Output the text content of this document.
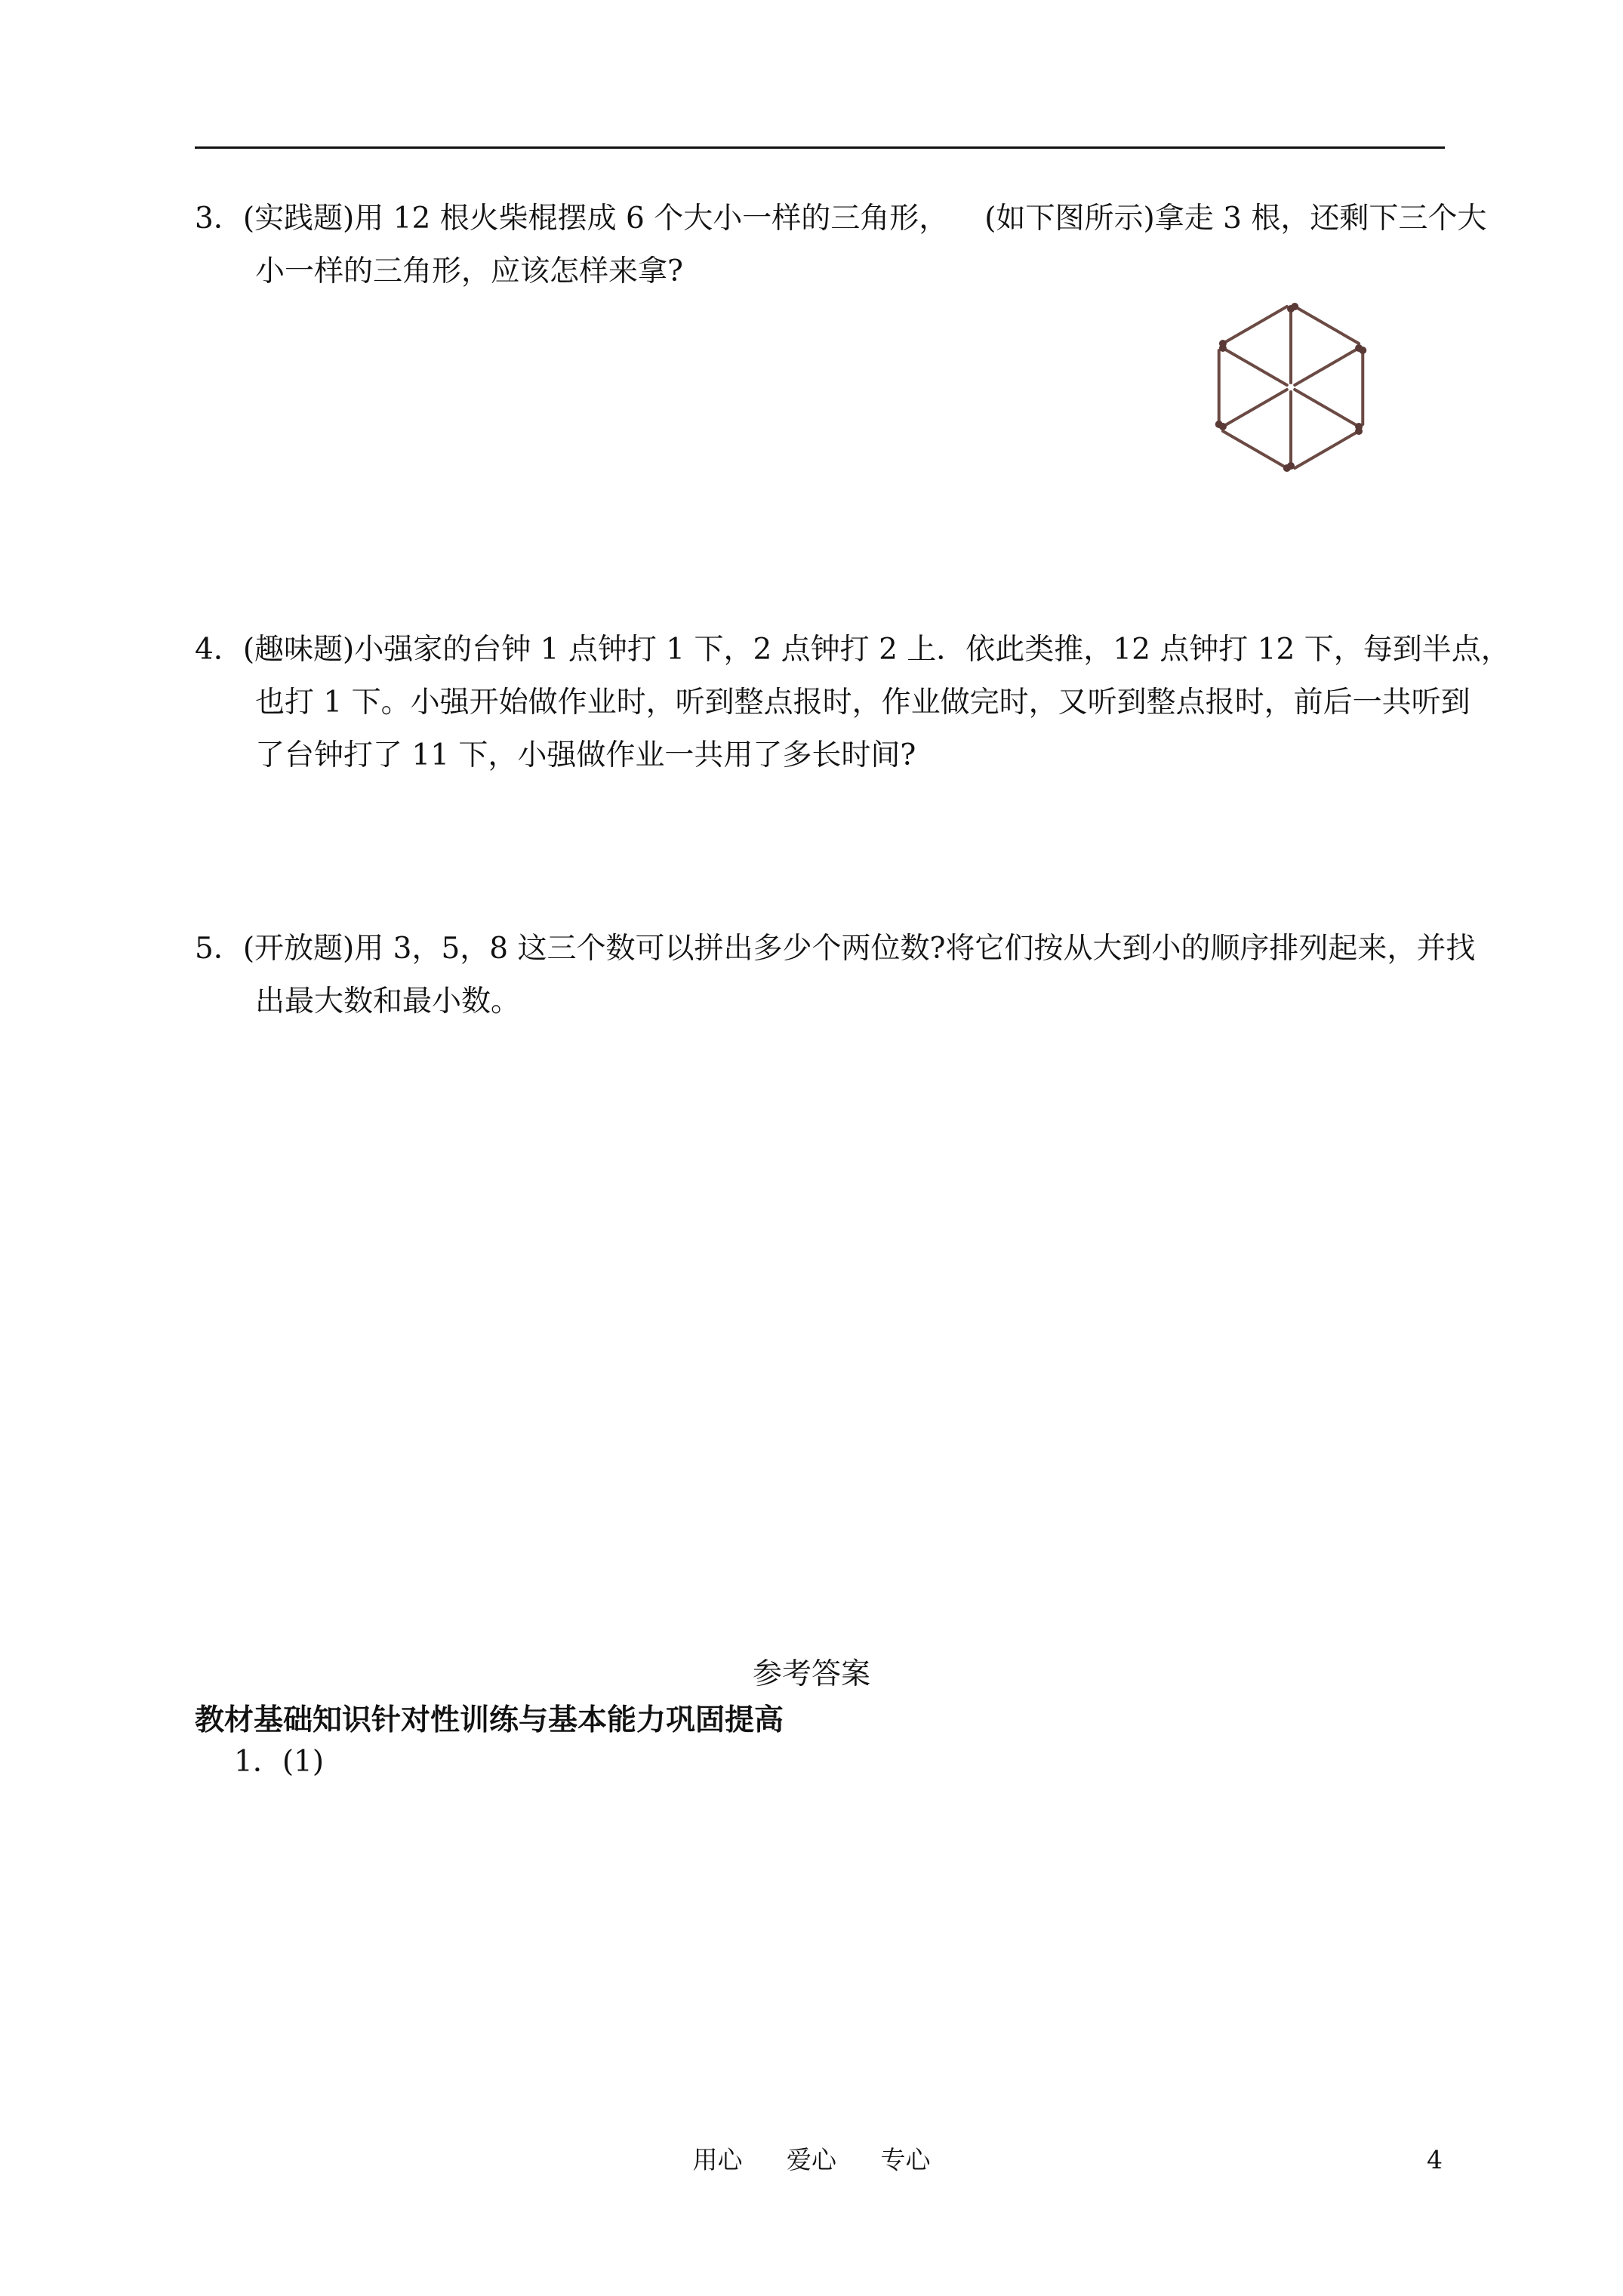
3．(实践题)用 12 根火柴棍摆成 6 个大小一样的三角形， (如下图所示)拿走 3 根，还剩下三个大
小一样的三角形，应该怎样来拿?
4．(趣味题)小强家的台钟 1 点钟打 1 下，2 点钟打 2 上．依此类推，12 点钟打 12 下，每到半点，
也打 1 下。小强开始做作业时，听到整点报时，作业做完时，又听到整点报时，前后一共听到
了台钟打了 11 下，小强做作业一共用了多长时间?
5．(开放题)用 3，5，8 这三个数可以拼出多少个两位数?将它们按从大到小的顺序排列起来，并找
出最大数和最小数。
参考答案
教材基础知识针对性训练与基本能力巩固提高
1．(1)
用心 爱心 专心	4
